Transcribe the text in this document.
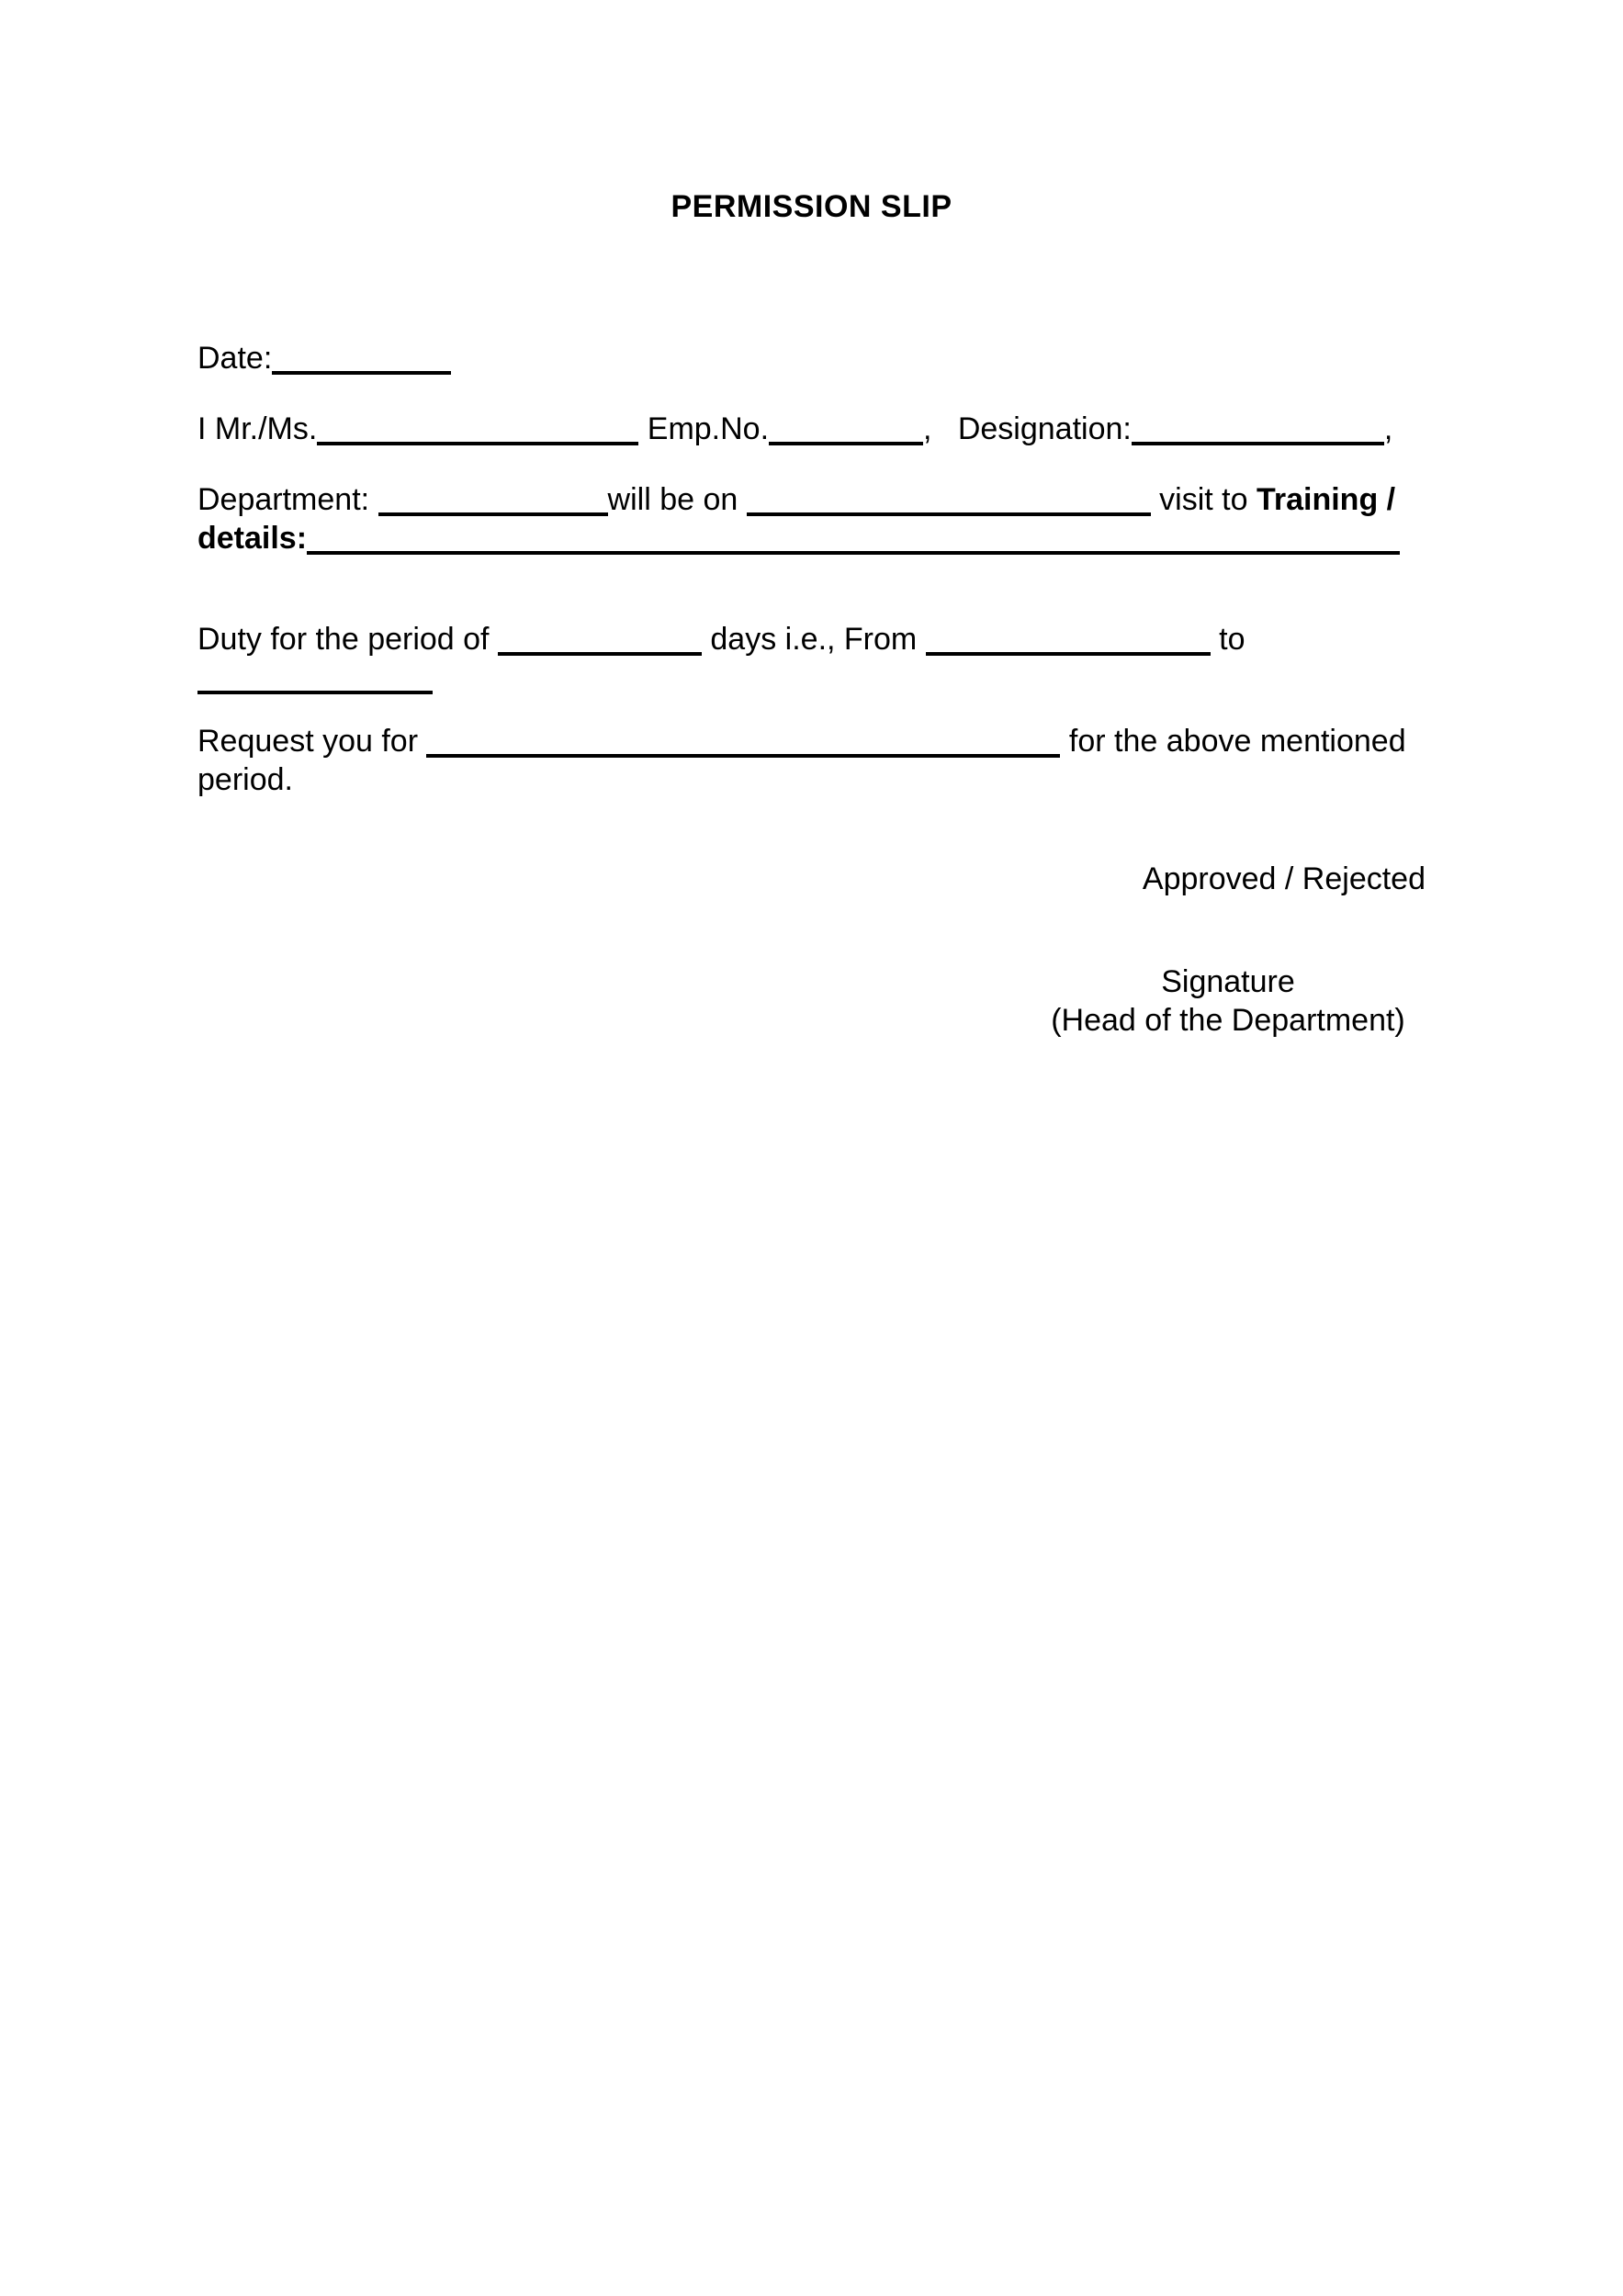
PERMISSION SLIP
Date:
I Mr./Ms.	Emp.No.	,   Designation:	,
Department:	will be on	visit to Training /
details:
Duty for the period of	days i.e., From	to
Request you for	for the above mentioned
period.
Approved / Rejected
Signature
(Head of the Department)
